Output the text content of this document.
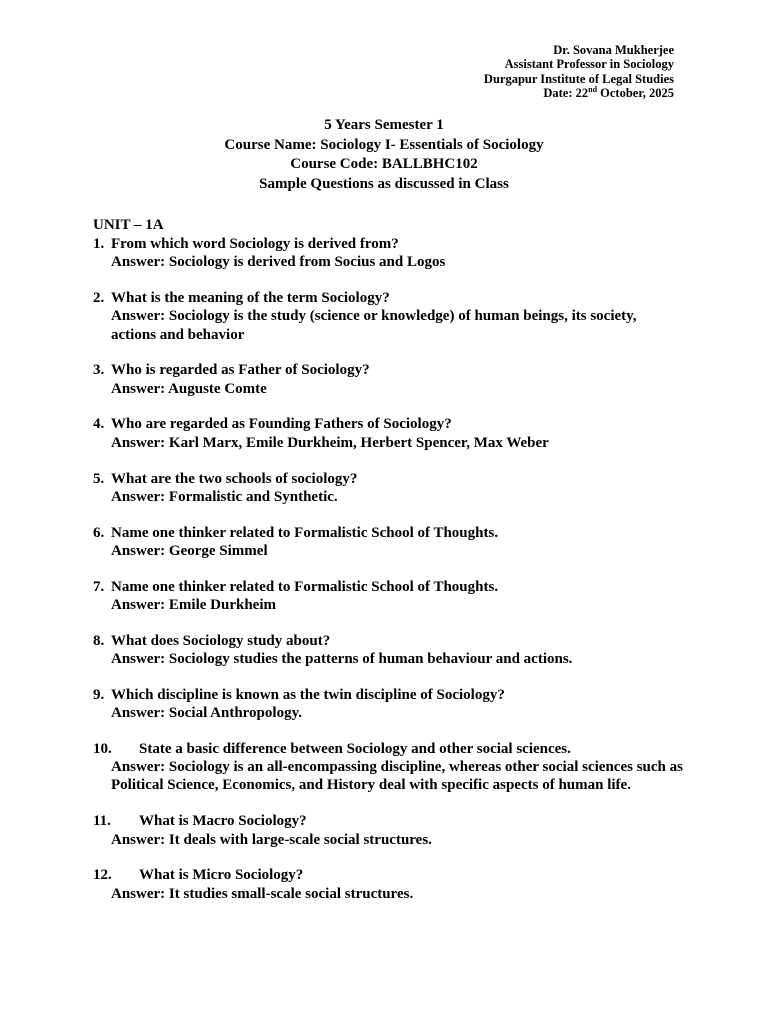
Dr. Sovana Mukherjee
Assistant Professor in Sociology
Durgapur Institute of Legal Studies
Date: 22nd October, 2025
5 Years Semester 1
Course Name: Sociology I- Essentials of Sociology
Course Code: BALLBHC102
Sample Questions as discussed in Class
UNIT – 1A
1. From which word Sociology is derived from?
Answer: Sociology is derived from Socius and Logos
2. What is the meaning of the term Sociology?
Answer: Sociology is the study (science or knowledge) of human beings, its society, actions and behavior
3. Who is regarded as Father of Sociology?
Answer: Auguste Comte
4. Who are regarded as Founding Fathers of Sociology?
Answer: Karl Marx, Emile Durkheim, Herbert Spencer, Max Weber
5. What are the two schools of sociology?
Answer: Formalistic and Synthetic.
6. Name one thinker related to Formalistic School of Thoughts.
Answer: George Simmel
7. Name one thinker related to Formalistic School of Thoughts.
Answer: Emile Durkheim
8. What does Sociology study about?
Answer: Sociology studies the patterns of human behaviour and actions.
9. Which discipline is known as the twin discipline of Sociology?
Answer: Social Anthropology.
10.	State a basic difference between Sociology and other social sciences.
Answer: Sociology is an all-encompassing discipline, whereas other social sciences such as Political Science, Economics, and History deal with specific aspects of human life.
11.	What is Macro Sociology?
Answer: It deals with large-scale social structures.
12.	What is Micro Sociology?
Answer: It studies small-scale social structures.
